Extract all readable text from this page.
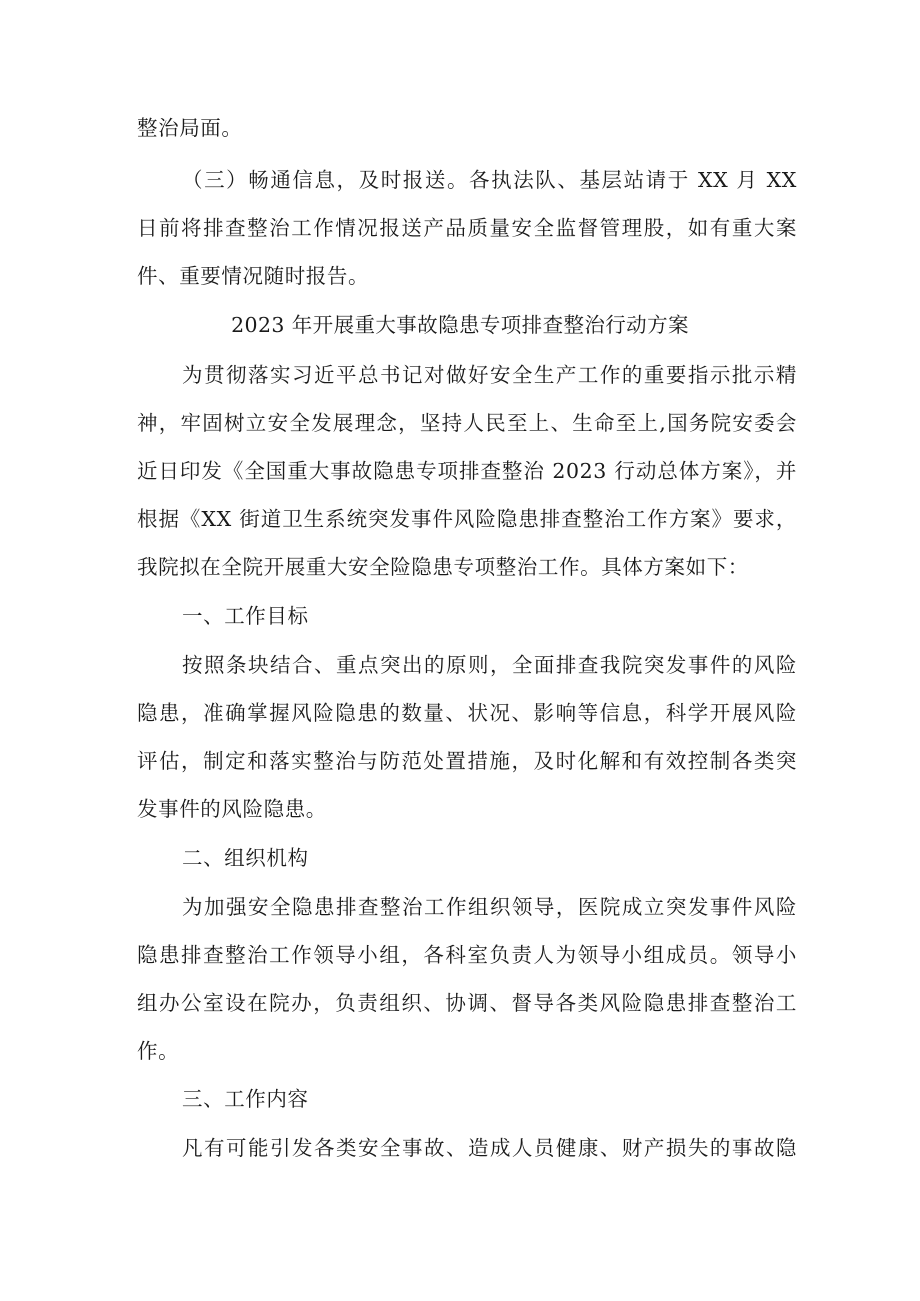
整治局面。
（三）畅通信息，及时报送。各执法队、基层站请于 XX 月 XX
日前将排查整治工作情况报送产品质量安全监督管理股，如有重大案
件、重要情况随时报告。
2023 年开展重大事故隐患专项排查整治行动方案
为贯彻落实习近平总书记对做好安全生产工作的重要指示批示精
神，牢固树立安全发展理念，坚持人民至上、生命至上,国务院安委会
近日印发《全国重大事故隐患专项排查整治 2023 行动总体方案》，并
根据《XX 街道卫生系统突发事件风险隐患排查整治工作方案》要求，
我院拟在全院开展重大安全险隐患专项整治工作。具体方案如下：
一、工作目标
按照条块结合、重点突出的原则，全面排查我院突发事件的风险
隐患，准确掌握风险隐患的数量、状况、影响等信息，科学开展风险
评估，制定和落实整治与防范处置措施，及时化解和有效控制各类突
发事件的风险隐患。
二、组织机构
为加强安全隐患排查整治工作组织领导，医院成立突发事件风险
隐患排查整治工作领导小组，各科室负责人为领导小组成员。领导小
组办公室设在院办，负责组织、协调、督导各类风险隐患排查整治工
作。
三、工作内容
凡有可能引发各类安全事故、造成人员健康、财产损失的事故隐
